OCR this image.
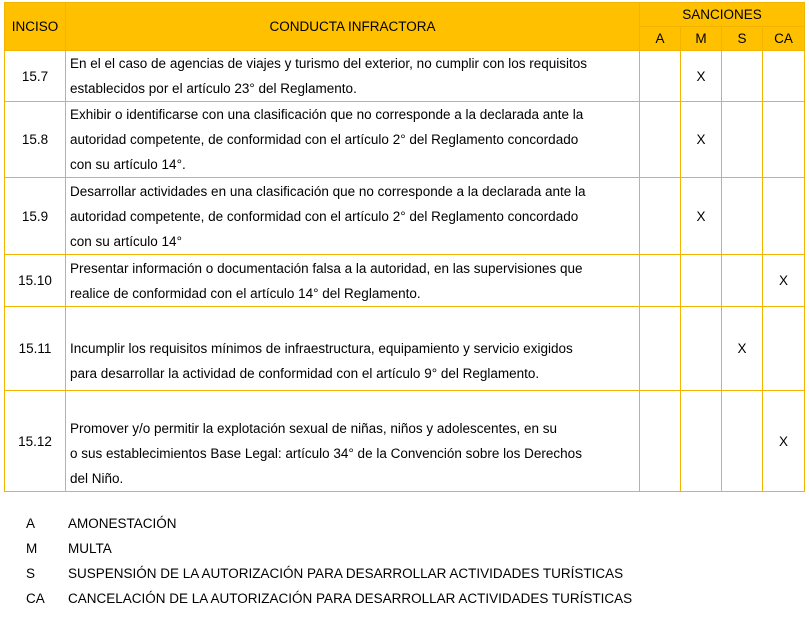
INCISO	CONDUCTA INFRACTORA	SANCIONES			
		A	M	S	CA
15.7	En el el caso de agencias de viajes y turismo del exterior, no cumplir con los requisitos
establecidos por el artículo 23° del Reglamento.		X		
15.8	Exhibir o identificarse con una clasificación que no corresponde a la declarada ante la
autoridad competente, de conformidad con el artículo 2° del Reglamento concordado
con su artículo 14°.		X		
15.9	Desarrollar actividades en una clasificación que no corresponde a la declarada ante la
autoridad competente, de conformidad con el artículo 2° del Reglamento concordado
con su artículo 14°		X		
15.10	Presentar información o documentación falsa a la autoridad, en las supervisiones que
realice de conformidad con el artículo 14° del Reglamento.				X
15.11	Incumplir los requisitos mínimos de infraestructura, equipamiento y servicio exigidos
para desarrollar la actividad de conformidad con el artículo 9° del Reglamento.			X	
15.12	Promover y/o permitir la explotación sexual de niñas, niños y adolescentes, en su
o sus establecimientos Base Legal: artículo 34° de la Convención sobre los Derechos
del Niño.				X
A AMONESTACIÓN
M MULTA
S SUSPENSIÓN DE LA AUTORIZACIÓN PARA DESARROLLAR ACTIVIDADES TURÍSTICAS
CA CANCELACIÓN DE LA AUTORIZACIÓN PARA DESARROLLAR ACTIVIDADES TURÍSTICAS
